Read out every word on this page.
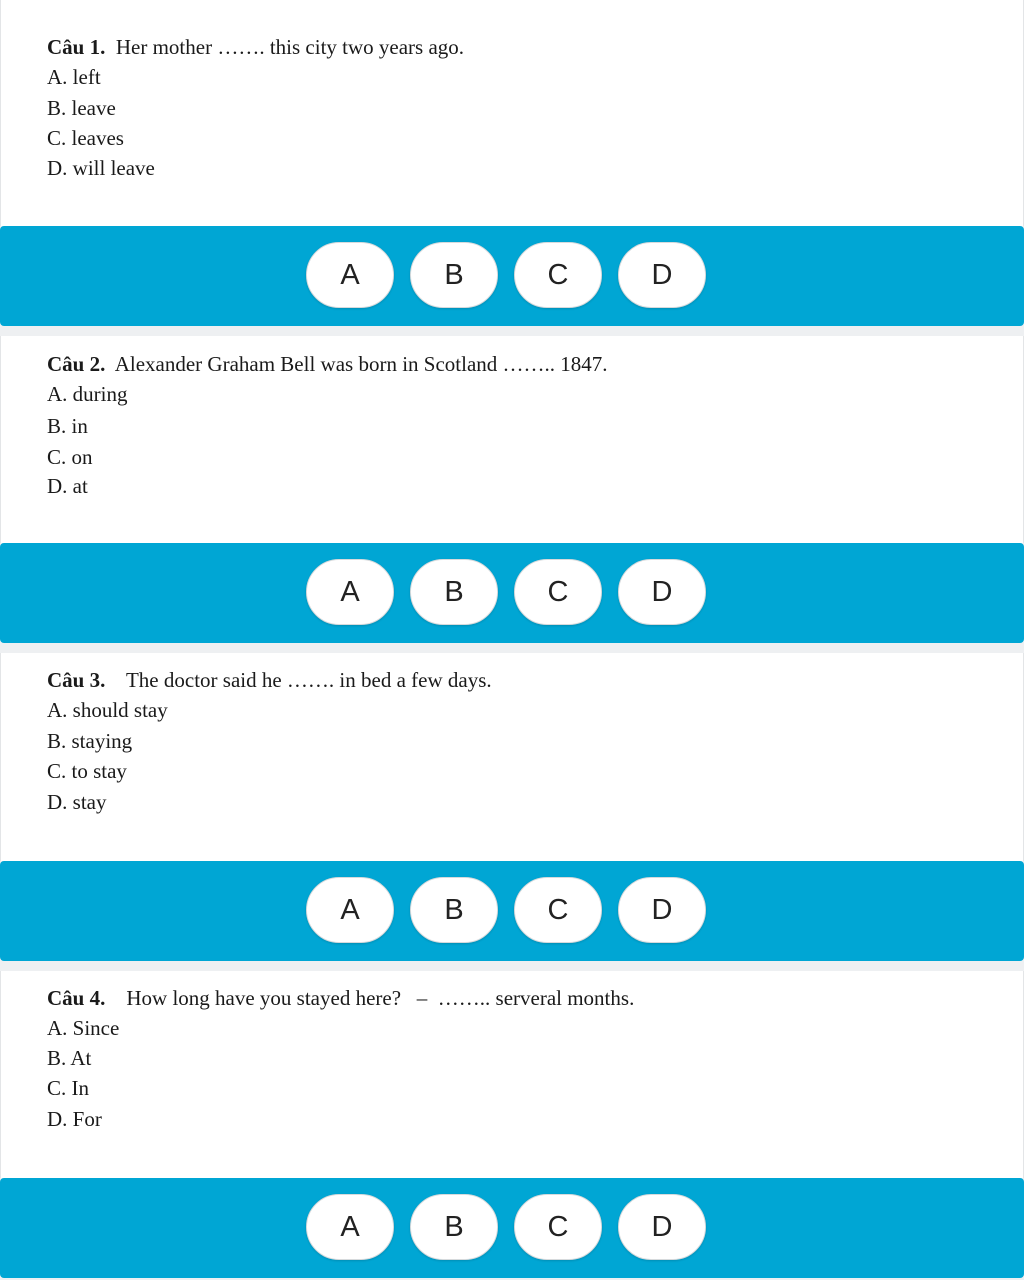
Câu 1.  Her mother ……. this city two years ago.
A. left
B. leave
C. leaves
D. will leave
A	B	C	D
Câu 2.  Alexander Graham Bell was born in Scotland …….. 1847.
A. during
B. in
C. on
D. at
A	B	C	D
Câu 3.    The doctor said he ……. in bed a few days.
A. should stay
B. staying
C. to stay
D. stay
A	B	C	D
Câu 4.    How long have you stayed here?   –  …….. serveral months.
A. Since
B. At
C. In
D. For
A	B	C	D
